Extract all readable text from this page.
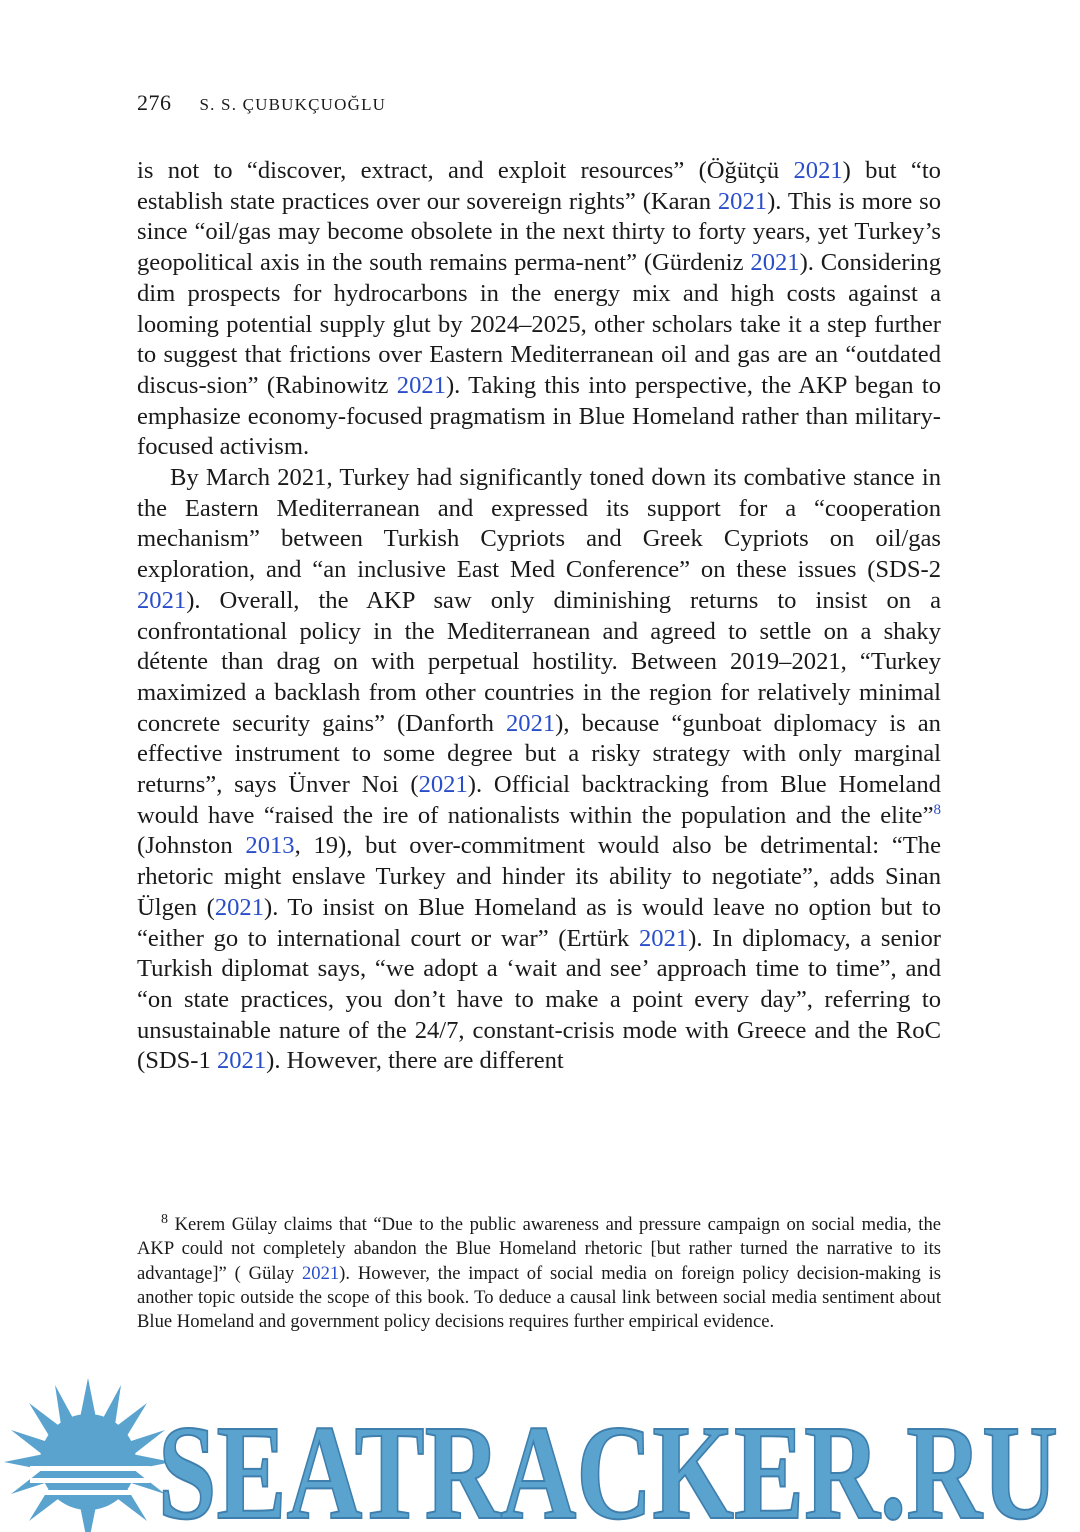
276 S. S. ÇUBUKÇUOĞLU

is not to “discover, extract, and exploit resources” (Öğütçü 2021) but “to establish state practices over our sovereign rights” (Karan 2021). This is more so since “oil/gas may become obsolete in the next thirty to forty years, yet Turkey’s geopolitical axis in the south remains perma-nent” (Gürdeniz 2021). Considering dim prospects for hydrocarbons in the energy mix and high costs against a looming potential supply glut by 2024–2025, other scholars take it a step further to suggest that frictions over Eastern Mediterranean oil and gas are an “outdated discus-sion” (Rabinowitz 2021). Taking this into perspective, the AKP began to emphasize economy-focused pragmatism in Blue Homeland rather than military-focused activism.

By March 2021, Turkey had significantly toned down its combative stance in the Eastern Mediterranean and expressed its support for a “cooperation mechanism” between Turkish Cypriots and Greek Cypriots on oil/gas exploration, and “an inclusive East Med Conference” on these issues (SDS-2 2021). Overall, the AKP saw only diminishing returns to insist on a confrontational policy in the Mediterranean and agreed to settle on a shaky détente than drag on with perpetual hostility. Between 2019–2021, “Turkey maximized a backlash from other countries in the region for relatively minimal concrete security gains” (Danforth 2021), because “gunboat diplomacy is an effective instrument to some degree but a risky strategy with only marginal returns”, says Ünver Noi (2021). Official backtracking from Blue Homeland would have “raised the ire of nationalists within the population and the elite”$^8$ (Johnston 2013, 19), but over-commitment would also be detrimental: “The rhetoric might enslave Turkey and hinder its ability to negotiate”, adds Sinan Ülgen (2021). To insist on Blue Homeland as is would leave no option but to “either go to international court or war” (Ertürk 2021). In diplomacy, a senior Turkish diplomat says, “we adopt a ‘wait and see’ approach time to time”, and “on state practices, you don’t have to make a point every day”, referring to unsustainable nature of the 24/7, constant-crisis mode with Greece and the RoC (SDS-1 2021). However, there are different

$^8$ Kerem Gülay claims that “Due to the public awareness and pressure campaign on social media, the AKP could not completely abandon the Blue Homeland rhetoric [but rather turned the narrative to its advantage]” ( Gülay 2021). However, the impact of social media on foreign policy decision-making is another topic outside the scope of this book. To deduce a causal link between social media sentiment about Blue Homeland and government policy decisions requires further empirical evidence.
SEATRACKER.RU
